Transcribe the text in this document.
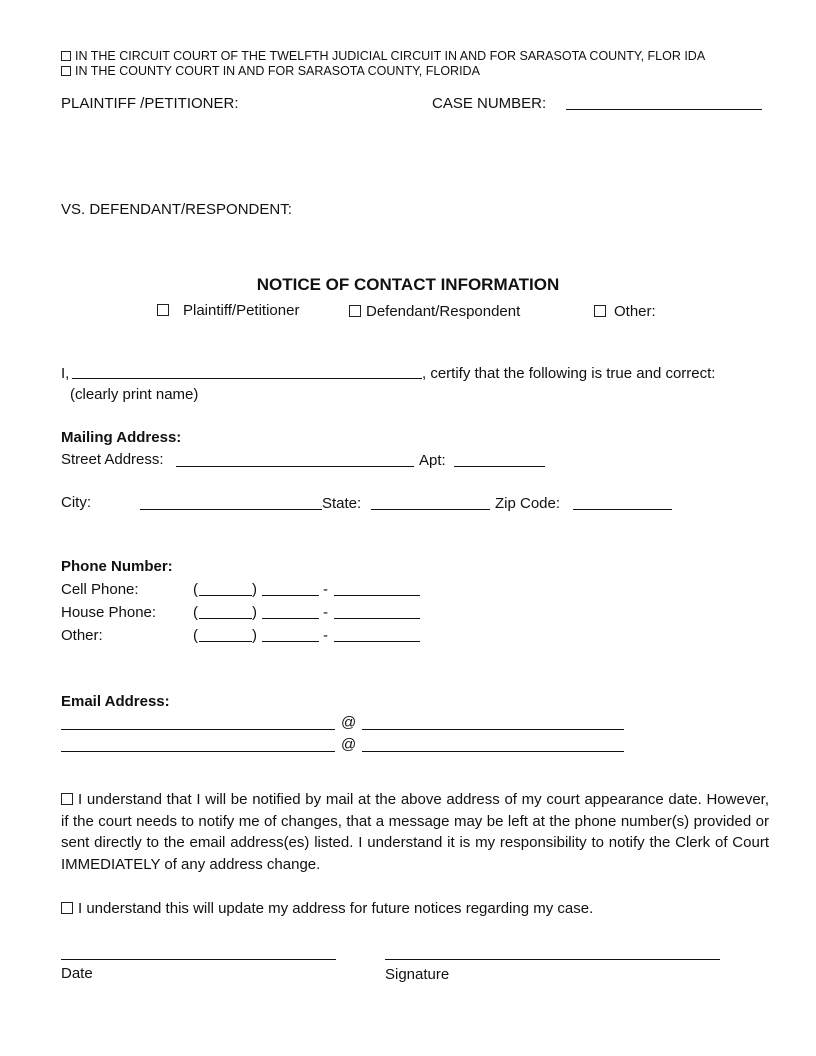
IN THE CIRCUIT COURT OF THE TWELFTH JUDICIAL CIRCUIT IN AND FOR SARASOTA COUNTY, FLOR IDA
IN THE COUNTY COURT IN AND FOR SARASOTA COUNTY, FLORIDA
PLAINTIFF /PETITIONER:	CASE NUMBER:
VS. DEFENDANT/RESPONDENT:
NOTICE OF CONTACT INFORMATION
Plaintiff/Petitioner	Defendant/Respondent	Other:
I,	, certify that the following is true and correct:
(clearly print name)
Mailing Address:
Street Address:	Apt:
City:	State:	Zip Code:
Phone Number:
Cell Phone:	(	)	-
House Phone: (	)	-
Other:	(	)	-
Email Address:
@
@
I understand that I will be notified by mail at the above address of my court appearance date. However, if the court needs to notify me of changes, that a message may be left at the phone number(s) provided or sent directly to the email address(es) listed. I understand it is my responsibility to notify the Clerk of Court IMMEDIATELY of any address change.
I understand this will update my address for future notices regarding my case.
Date	Signature
